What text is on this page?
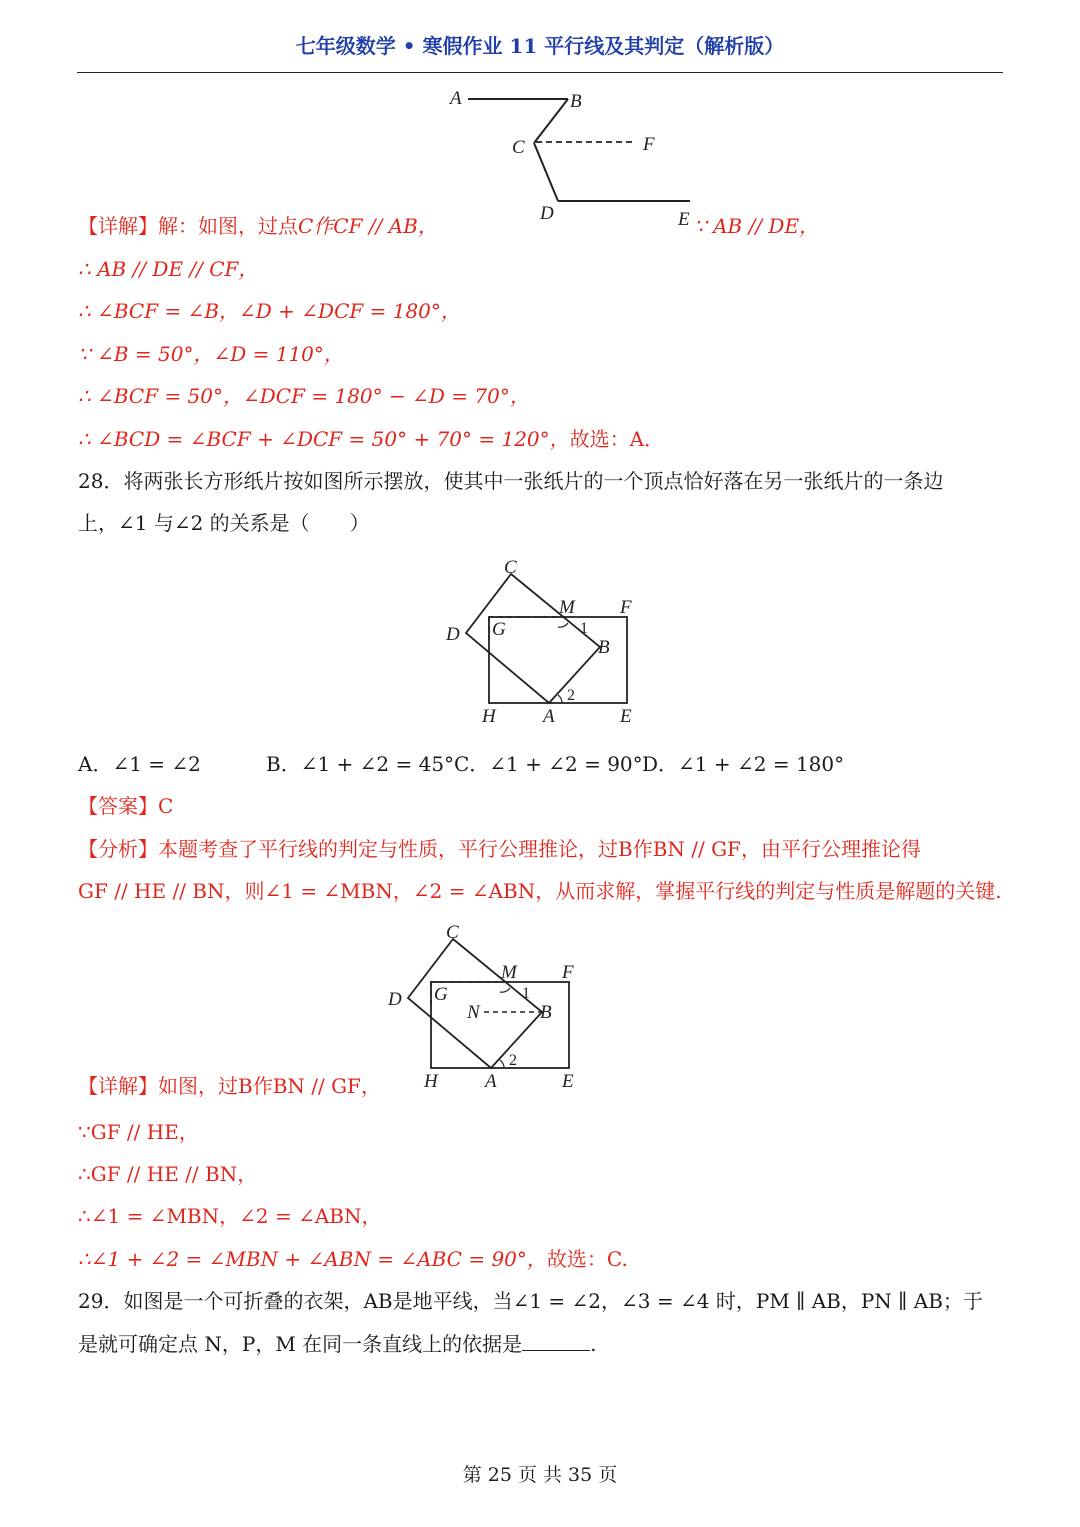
七年级数学 • 寒假作业 11 平行线及其判定（解析版）
A	B
C	F
D	E
【详解】解：如图，过点C作CF // AB，	∵ AB // DE，
∴ AB // DE // CF，
∴ ∠BCF = ∠B，∠D + ∠DCF = 180°，
∵ ∠B = 50°，∠D = 110°，
∴ ∠BCF = 50°，∠DCF = 180° − ∠D = 70°，
∴ ∠BCD = ∠BCF + ∠DCF = 50° + 70° = 120°，故选：A．
28．将两张长方形纸片按如图所示摆放，使其中一张纸片的一个顶点恰好落在另一张纸片的一条边
上，∠1 与∠2 的关系是（　　）
C
M F
D G	1
B
2
H A	E
A．∠1 = ∠2	B．∠1 + ∠2 = 45°C．∠1 + ∠2 = 90°D．∠1 + ∠2 = 180°
【答案】C
【分析】本题考查了平行线的判定与性质，平行公理推论，过B作BN // GF，由平行公理推论得
GF // HE // BN，则∠1 = ∠MBN，∠2 = ∠ABN，从而求解，掌握平行线的判定与性质是解题的关键.
C
M F
D G	1
N	B
2
H A	E
【详解】如图，过B作BN // GF，
∵GF // HE，
∴GF // HE // BN，
∴∠1 = ∠MBN，∠2 = ∠ABN，
∴∠1 + ∠2 = ∠MBN + ∠ABN = ∠ABC = 90°，故选：C.
29．如图是一个可折叠的衣架，AB是地平线，当∠1 = ∠2，∠3 = ∠4 时，PM ∥ AB，PN ∥ AB；于
是就可确定点 N，P，M 在同一条直线上的依据是	.
第 25 页 共 35 页
